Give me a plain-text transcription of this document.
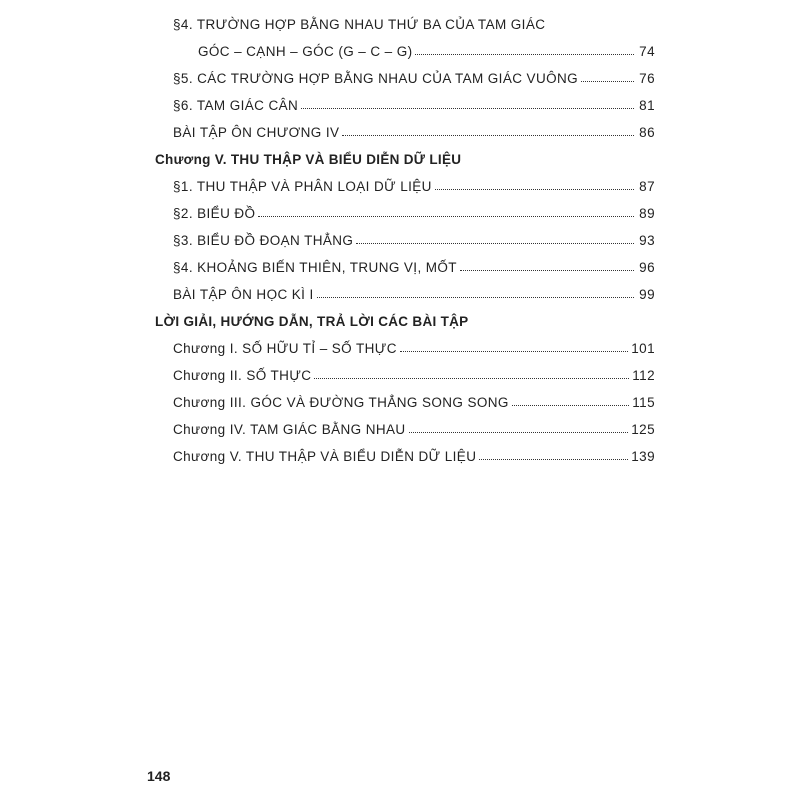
§4. TRƯỜNG HỢP BẰNG NHAU THỨ BA CỦA TAM GIÁC
GÓC – CẠNH – GÓC (G – C – G)	74
§5. CÁC TRƯỜNG HỢP BẰNG NHAU CỦA TAM GIÁC VUÔNG	76
§6. TAM GIÁC CÂN	81
BÀI TẬP ÔN CHƯƠNG IV	86
Chương V. THU THẬP VÀ BIỂU DIỄN DỮ LIỆU
§1. THU THẬP VÀ PHÂN LOẠI DỮ LIỆU	87
§2. BIỂU ĐỒ	89
§3. BIỂU ĐỒ ĐOẠN THẲNG	93
§4. KHOẢNG BIẾN THIÊN, TRUNG VỊ, MỐT	96
BÀI TẬP ÔN HỌC KÌ I	99
LỜI GIẢI, HƯỚNG DẪN, TRẢ LỜI CÁC BÀI TẬP
Chương I. SỐ HỮU TỈ – SỐ THỰC	101
Chương II. SỐ THỰC	112
Chương III. GÓC VÀ ĐƯỜNG THẲNG SONG SONG	115
Chương IV. TAM GIÁC BẰNG NHAU	125
Chương V. THU THẬP VÀ BIỂU DIỄN DỮ LIỆU	139
148
